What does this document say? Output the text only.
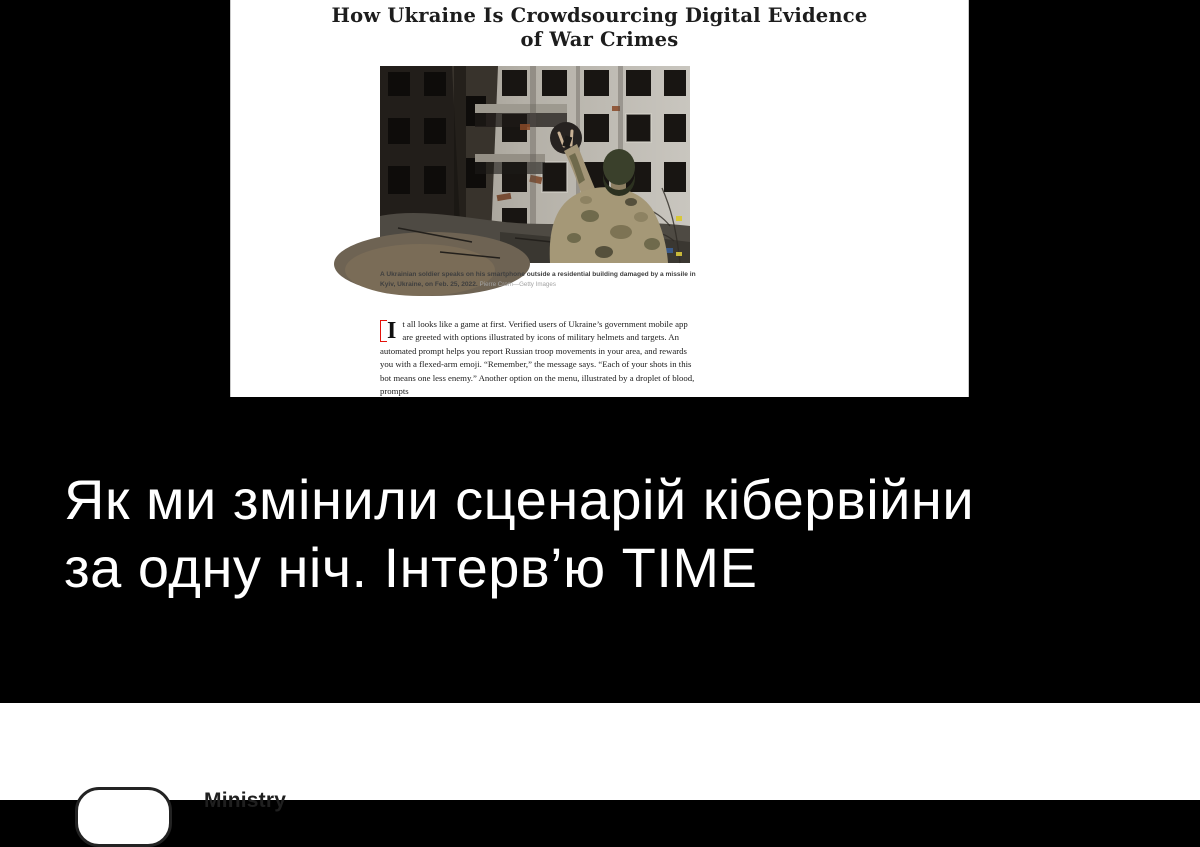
How Ukraine Is Crowdsourcing Digital Evidence
of War Crimes

A Ukrainian soldier speaks on his smartphone outside a residential building damaged by a missile in Kyiv, Ukraine, on Feb. 25, 2022. Pierre Crom—Getty Images

I t all looks like a game at first. Verified users of Ukraine’s government mobile app are greeted with options illustrated by icons of military helmets and targets. An automated prompt helps you report Russian troop movements in your area, and rewards you with a flexed-arm emoji. “Remember,” the message says. “Each of your shots in this bot means one less enemy.” Another option on the menu, illustrated by a droplet of blood, prompts

Як ми змінили сценарій кібервійни
за одну ніч. Інтерв’ю TIME
Ministry
